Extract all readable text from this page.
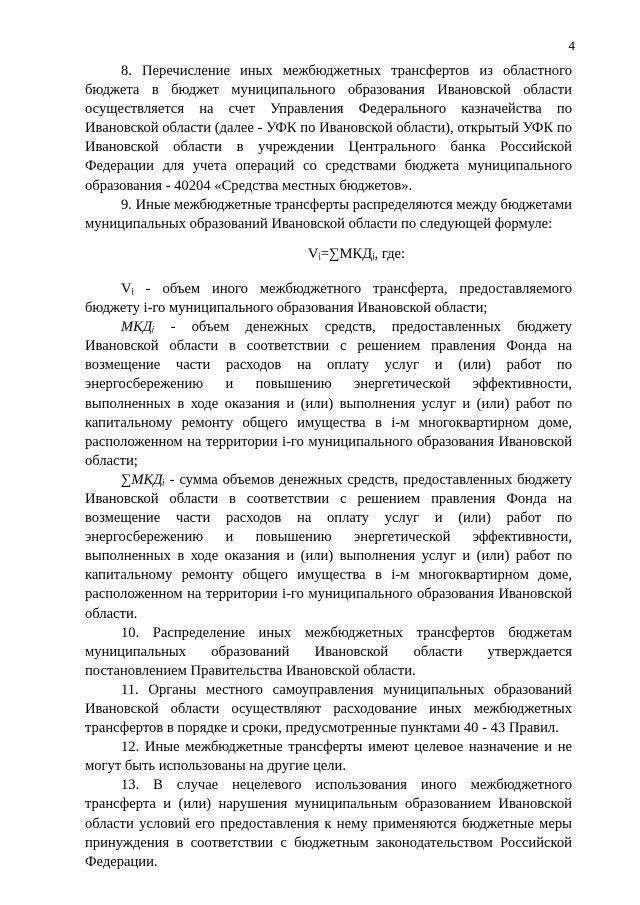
4

8. Перечисление иных межбюджетных трансфертов из областного бюджета в бюджет муниципального образования Ивановской области осуществляется на счет Управления Федерального казначейства по Ивановской области (далее - УФК по Ивановской области), открытый УФК по Ивановской области в учреждении Центрального банка Российской Федерации для учета операций со средствами бюджета муниципального образования - 40204 «Средства местных бюджетов».

9. Иные межбюджетные трансферты распределяются между бюджетами муниципальных образований Ивановской области по следующей формуле:

Vᵢ=∑МКДᵢ, где:

Vᵢ - объем иного межбюджетного трансферта, предоставляемого бюджету i-го муниципального образования Ивановской области;

МКДᵢ - объем денежных средств, предоставленных бюджету Ивановской области в соответствии с решением правления Фонда на возмещение части расходов на оплату услуг и (или) работ по энергосбережению и повышению энергетической эффективности, выполненных в ходе оказания и (или) выполнения услуг и (или) работ по капитальному ремонту общего имущества в i-м многоквартирном доме, расположенном на территории i-го муниципального образования Ивановской области;

∑МКДᵢ - сумма объемов денежных средств, предоставленных бюджету Ивановской области в соответствии с решением правления Фонда на возмещение части расходов на оплату услуг и (или) работ по энергосбережению и повышению энергетической эффективности, выполненных в ходе оказания и (или) выполнения услуг и (или) работ по капитальному ремонту общего имущества в i-м многоквартирном доме, расположенном на территории i-го муниципального образования Ивановской области.

10. Распределение иных межбюджетных трансфертов бюджетам муниципальных образований Ивановской области утверждается постановлением Правительства Ивановской области.

11. Органы местного самоуправления муниципальных образований Ивановской области осуществляют расходование иных межбюджетных трансфертов в порядке и сроки, предусмотренные пунктами 40 - 43 Правил.

12. Иные межбюджетные трансферты имеют целевое назначение и не могут быть использованы на другие цели.

13. В случае нецелевого использования иного межбюджетного трансферта и (или) нарушения муниципальным образованием Ивановской области условий его предоставления к нему применяются бюджетные меры принуждения в соответствии с бюджетным законодательством Российской Федерации.
